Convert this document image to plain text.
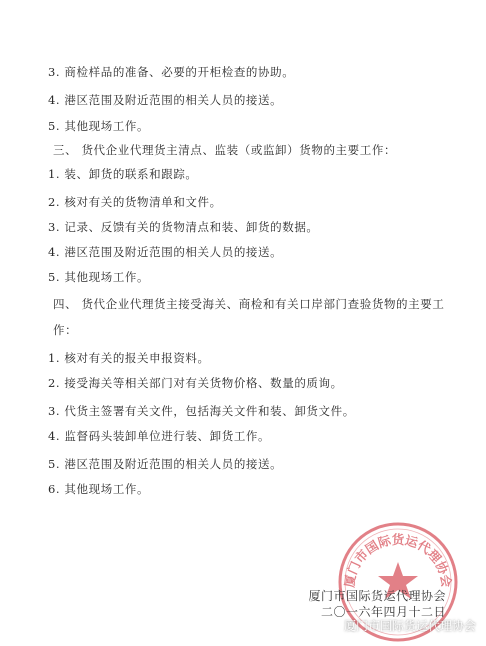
3. 商检样品的准备、必要的开柜检查的协助。
4. 港区范围及附近范围的相关人员的接送。
5. 其他现场工作。
三、 货代企业代理货主清点、监装（或监卸）货物的主要工作：
1. 装、卸货的联系和跟踪。
2. 核对有关的货物清单和文件。
3. 记录、反馈有关的货物清点和装、卸货的数据。
4. 港区范围及附近范围的相关人员的接送。
5. 其他现场工作。
四、 货代企业代理货主接受海关、商检和有关口岸部门查验货物的主要工
作：
1. 核对有关的报关申报资料。
2. 接受海关等相关部门对有关货物价格、数量的质询。
3. 代货主签署有关文件，包括海关文件和装、卸货文件。
4. 监督码头装卸单位进行装、卸货工作。
5. 港区范围及附近范围的相关人员的接送。
6. 其他现场工作。
厦门市国际货运代理协会
厦门市国际货运代理协会
二〇一六年四月十二日
厦门市国际货运代理协会
